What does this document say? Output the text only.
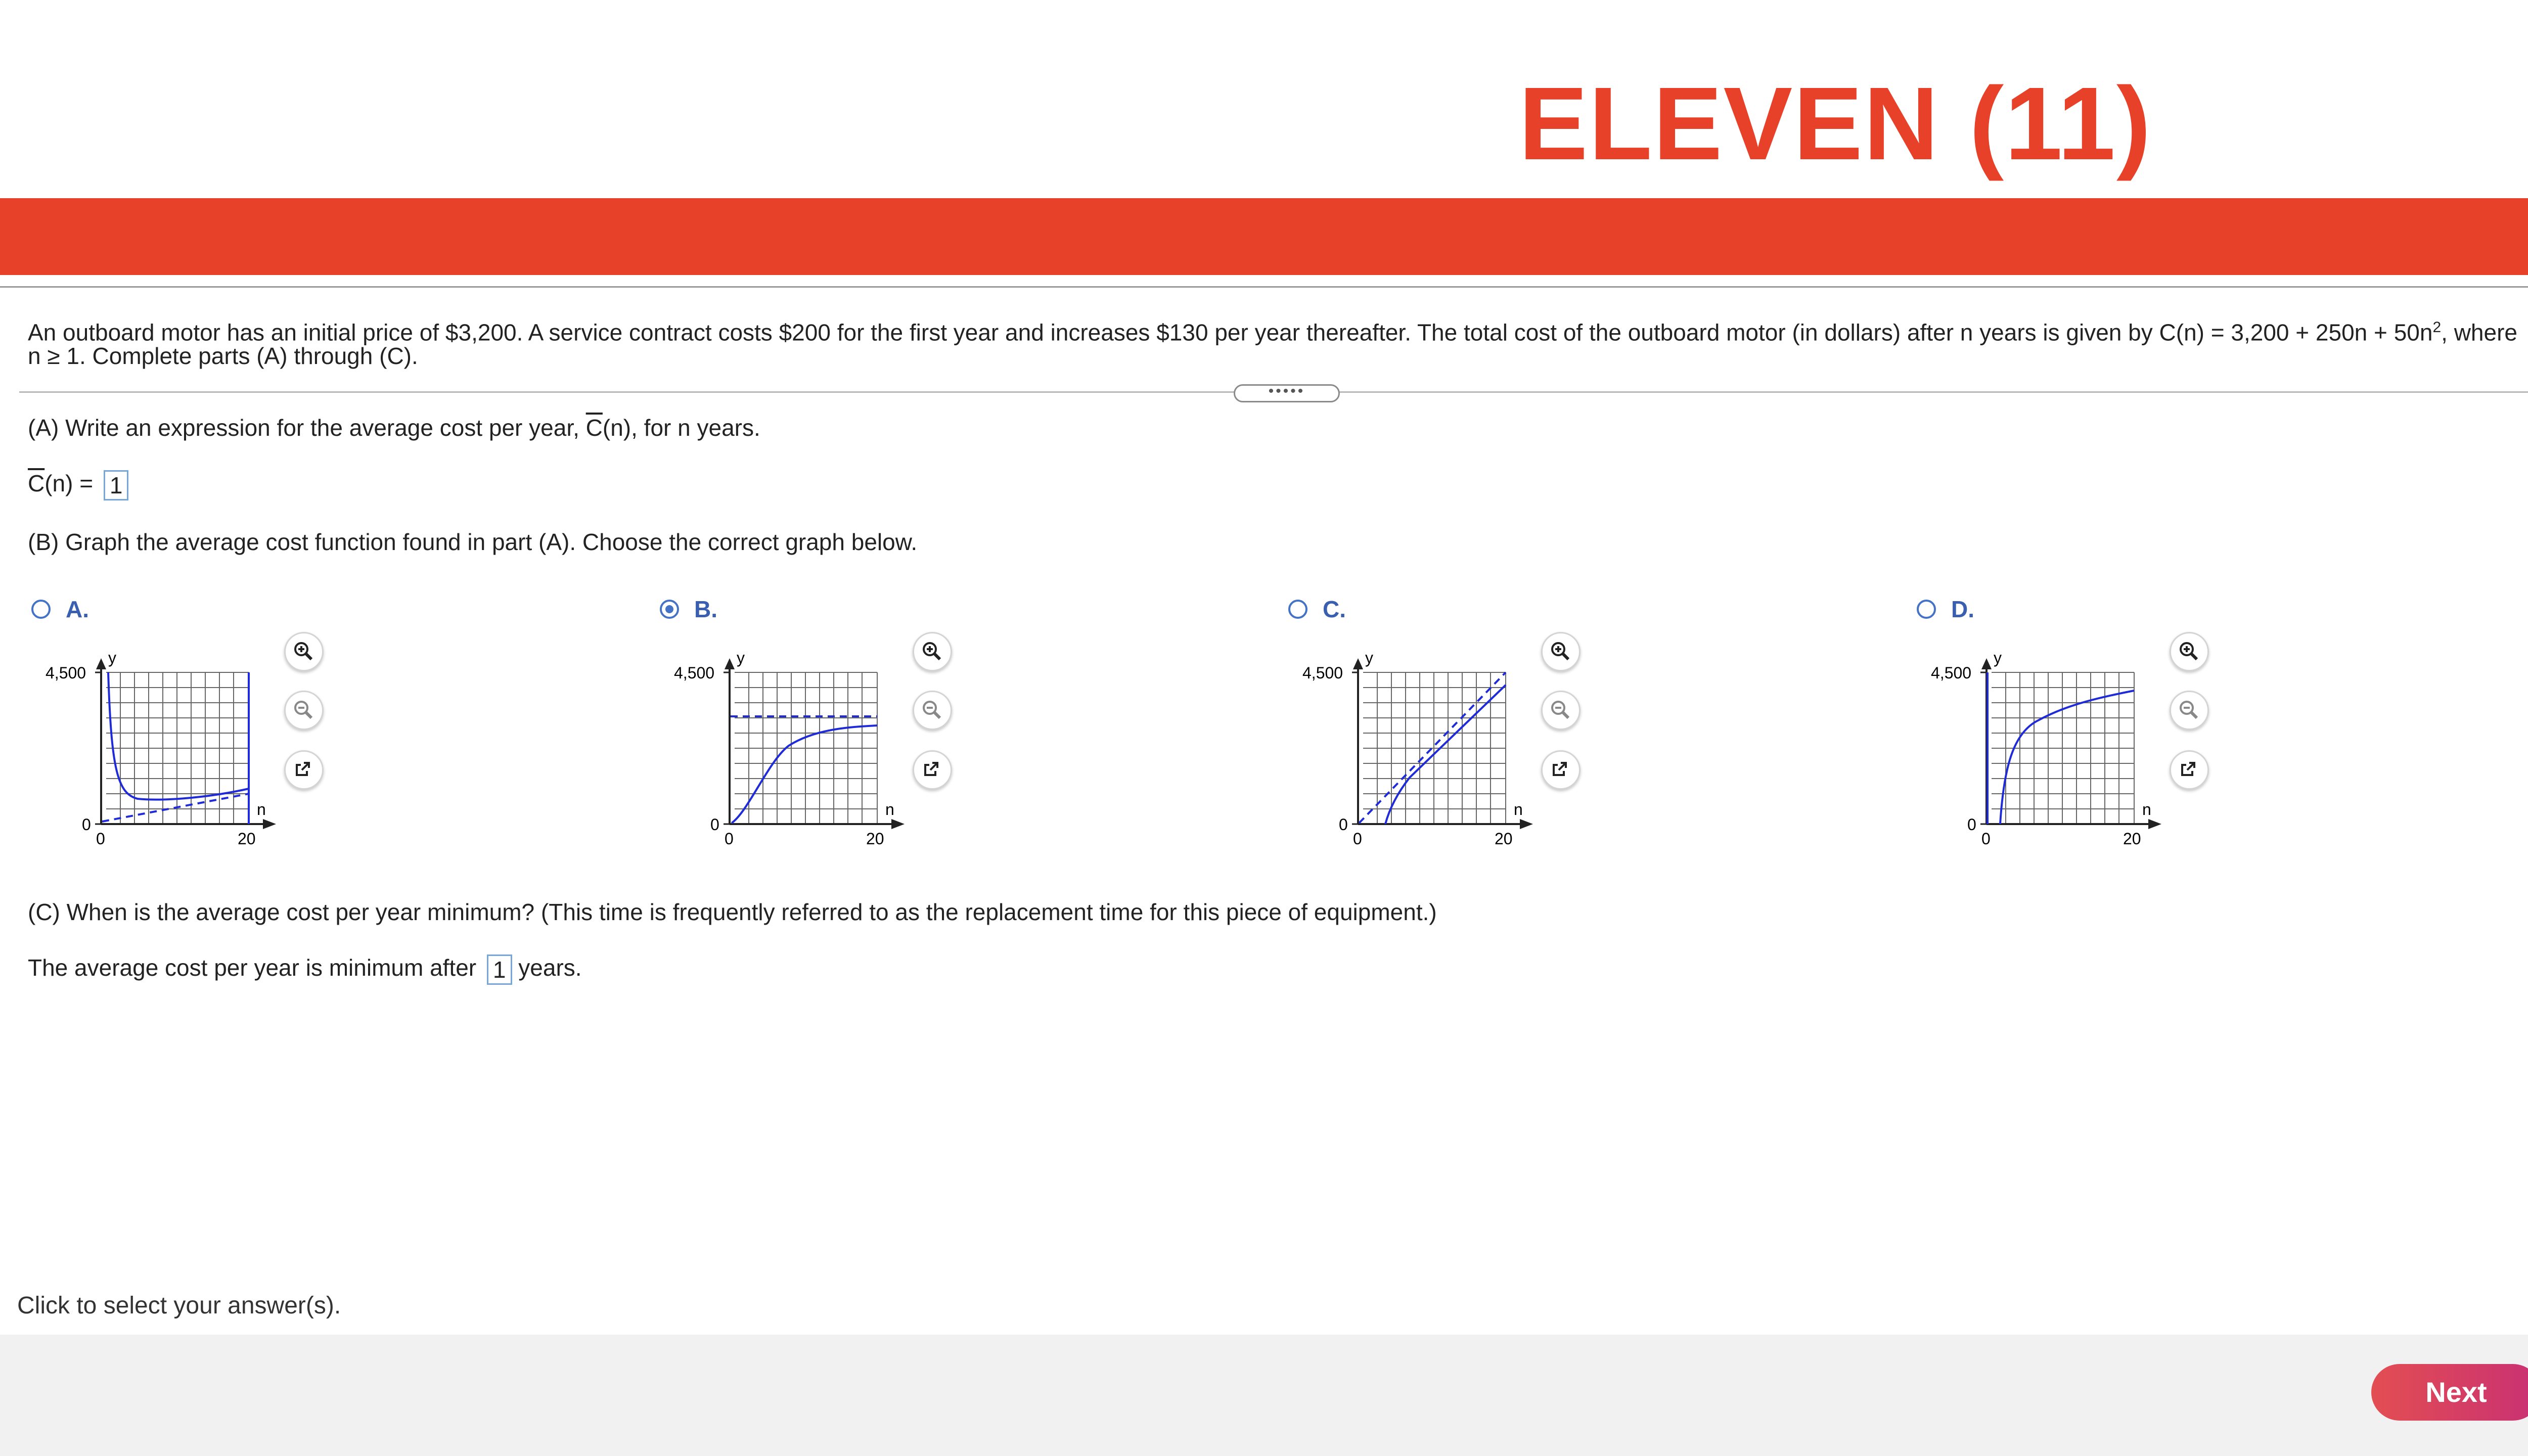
ELEVEN (11)
An outboard motor has an initial price of $3,200. A service contract costs $200 for the first year and increases $130 per year thereafter. The total cost of the outboard motor (in dollars) after n years is given by $C(n) = 3,200 + 250n + 50n^2$, where
n ≥ 1. Complete parts (A) through (C).
(A) Write an expression for the average cost per year, $\overline{C}(n)$, for n years.
$\overline{C}(n) = 1$
(B) Graph the average cost function found in part (A). Choose the correct graph below.
(C) When is the average cost per year minimum? (This time is frequently referred to as the replacement time for this piece of equipment.)
The average cost per year is minimum after 1 years.
•••••
A.
y
n
4,500
0
0	20
B.
y
n
4,500
0
0	20
C.
y
n
4,500
0
0	20
D.
y
n
4,500
0
0	20
Click to select your answer(s).
Next
